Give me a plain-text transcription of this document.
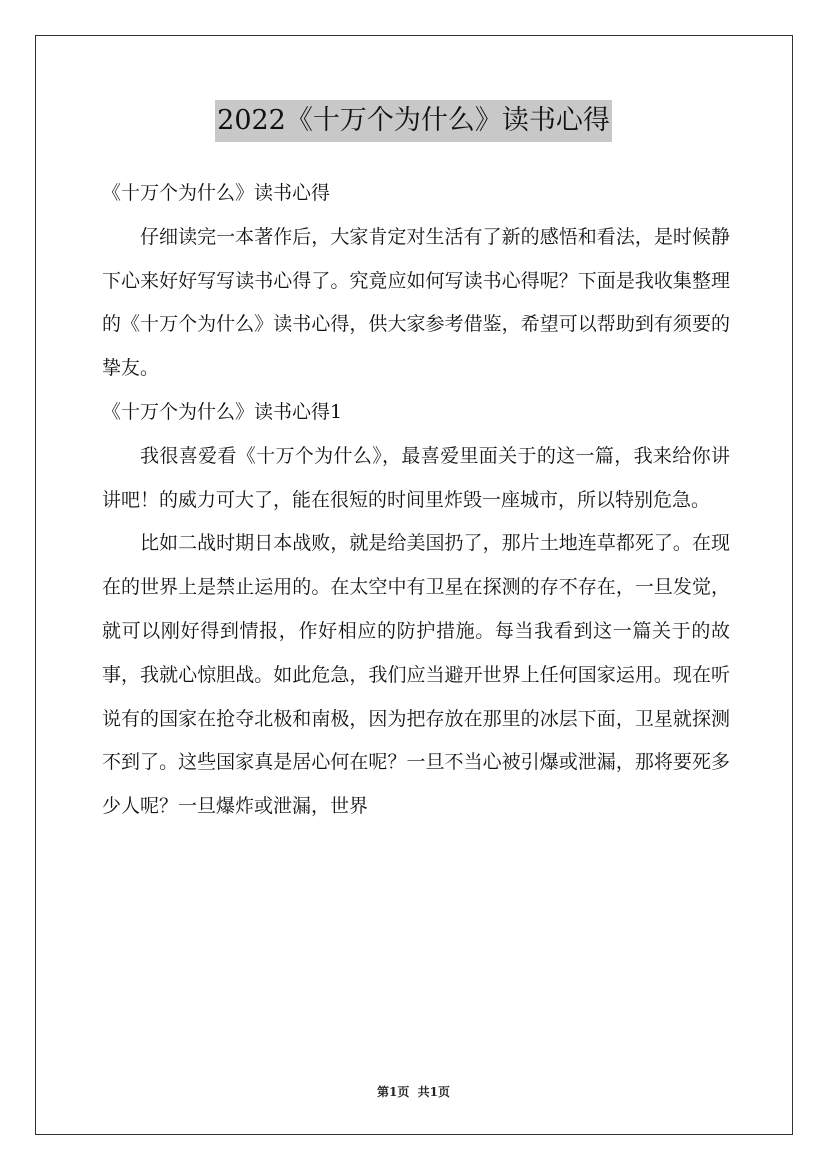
2022《十万个为什么》读书心得

《十万个为什么》读书心得

仔细读完一本著作后，大家肯定对生活有了新的感悟和看法，是时候静下心来好好写写读书心得了。究竟应如何写读书心得呢？下面是我收集整理的《十万个为什么》读书心得，供大家参考借鉴，希望可以帮助到有须要的挚友。

《十万个为什么》读书心得1

我很喜爱看《十万个为什么》，最喜爱里面关于的这一篇，我来给你讲讲吧！的威力可大了，能在很短的时间里炸毁一座城市，所以特别危急。

比如二战时期日本战败，就是给美国扔了，那片土地连草都死了。在现在的世界上是禁止运用的。在太空中有卫星在探测的存不存在，一旦发觉，就可以刚好得到情报，作好相应的防护措施。每当我看到这一篇关于的故事，我就心惊胆战。如此危急，我们应当避开世界上任何国家运用。现在听说有的国家在抢夺北极和南极，因为把存放在那里的冰层下面，卫星就探测不到了。这些国家真是居心何在呢？一旦不当心被引爆或泄漏，那将要死多少人呢？一旦爆炸或泄漏，世界

第1页  共1页
